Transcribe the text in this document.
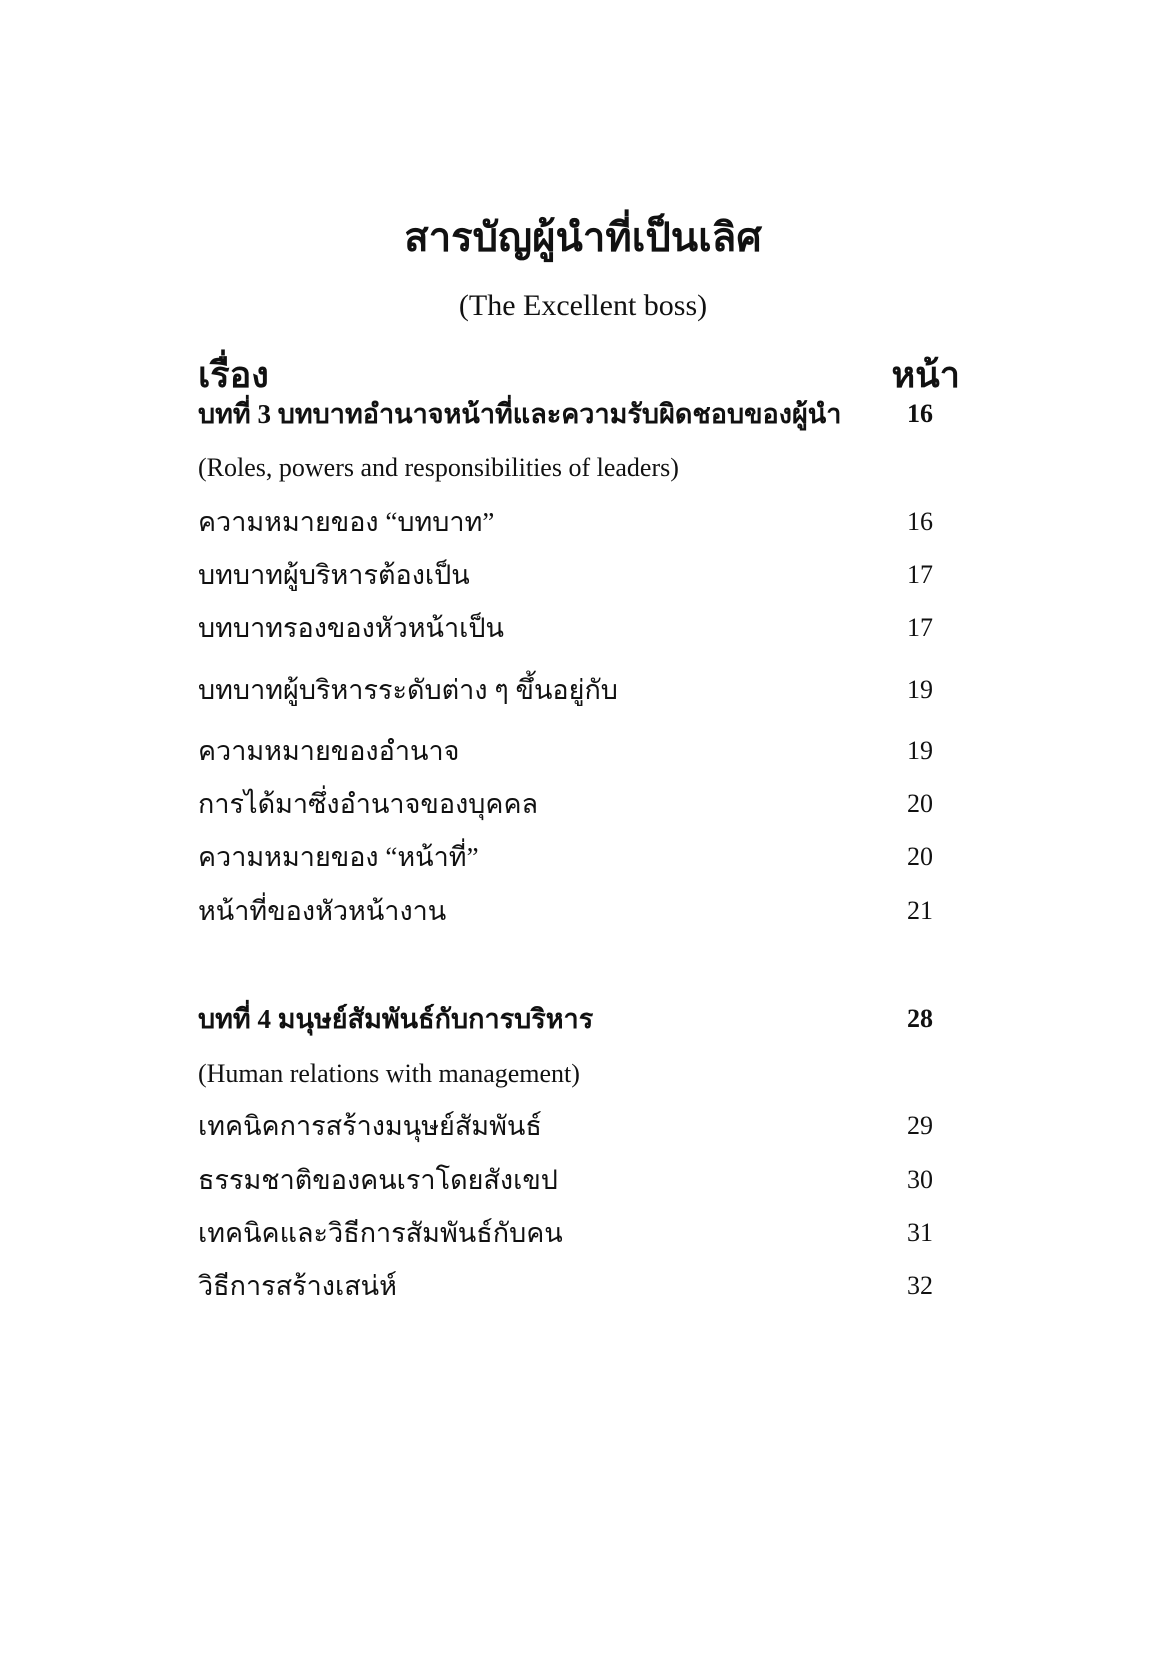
สารบัญผู้นำที่เป็นเลิศ
(The Excellent boss)
เรื่อง	หน้า
บทที่ 3 บทบาทอำนาจหน้าที่และความรับผิดชอบของผู้นำ	16
(Roles, powers and responsibilities of leaders)
ความหมายของ “บทบาท”	16
บทบาทผู้บริหารต้องเป็น	17
บทบาทรองของหัวหน้าเป็น	17
บทบาทผู้บริหารระดับต่าง ๆ ขึ้นอยู่กับ	19
ความหมายของอำนาจ	19
การได้มาซึ่งอำนาจของบุคคล	20
ความหมายของ “หน้าที่”	20
หน้าที่ของหัวหน้างาน	21
บทที่ 4 มนุษย์สัมพันธ์กับการบริหาร	28
(Human relations with management)
เทคนิคการสร้างมนุษย์สัมพันธ์	29
ธรรมชาติของคนเราโดยสังเขป	30
เทคนิคและวิธีการสัมพันธ์กับคน	31
วิธีการสร้างเสน่ห์	32
